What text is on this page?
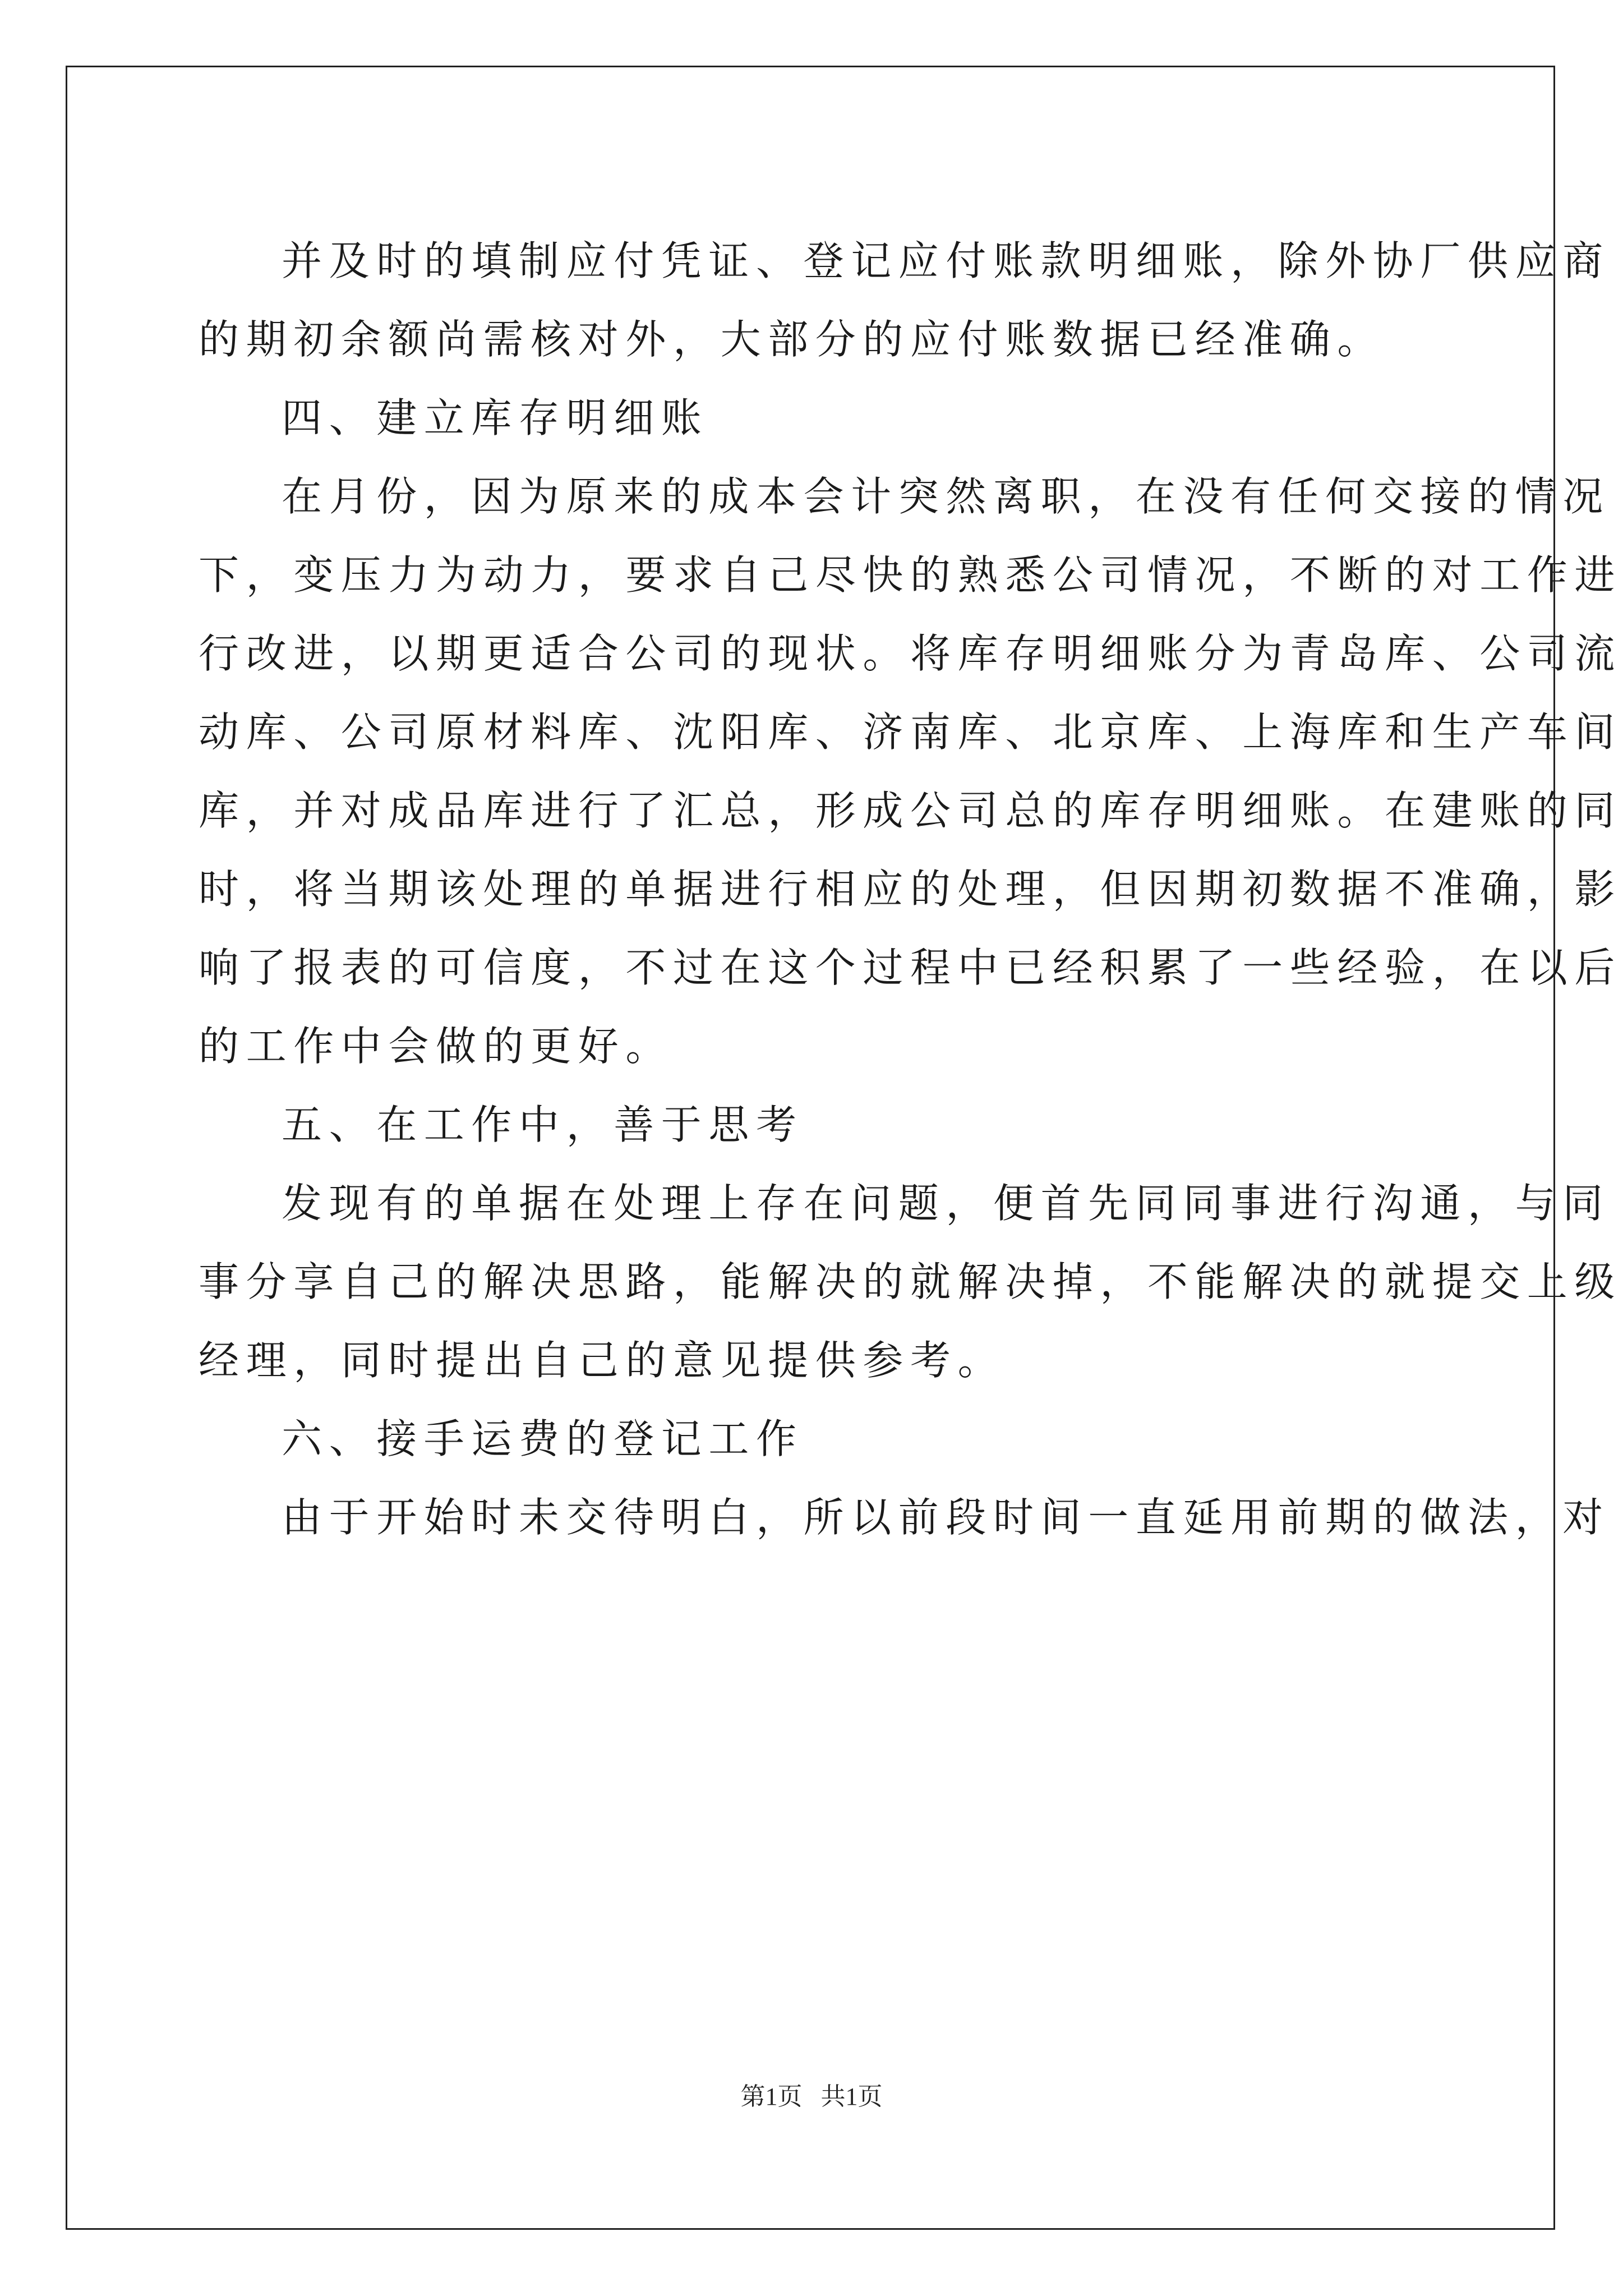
并及时的填制应付凭证、登记应付账款明细账，除外协厂供应商
的期初余额尚需核对外，大部分的应付账数据已经准确。
四、建立库存明细账
在月份，因为原来的成本会计突然离职，在没有任何交接的情况
下，变压力为动力，要求自己尽快的熟悉公司情况，不断的对工作进
行改进，以期更适合公司的现状。将库存明细账分为青岛库、公司流
动库、公司原材料库、沈阳库、济南库、北京库、上海库和生产车间
库，并对成品库进行了汇总，形成公司总的库存明细账。在建账的同
时，将当期该处理的单据进行相应的处理，但因期初数据不准确，影
响了报表的可信度，不过在这个过程中已经积累了一些经验，在以后
的工作中会做的更好。
五、在工作中，善于思考
发现有的单据在处理上存在问题，便首先同同事进行沟通，与同
事分享自己的解决思路，能解决的就解决掉，不能解决的就提交上级
经理，同时提出自己的意见提供参考。
六、接手运费的登记工作
由于开始时未交待明白，所以前段时间一直延用前期的做法，对
第1页   共1页
